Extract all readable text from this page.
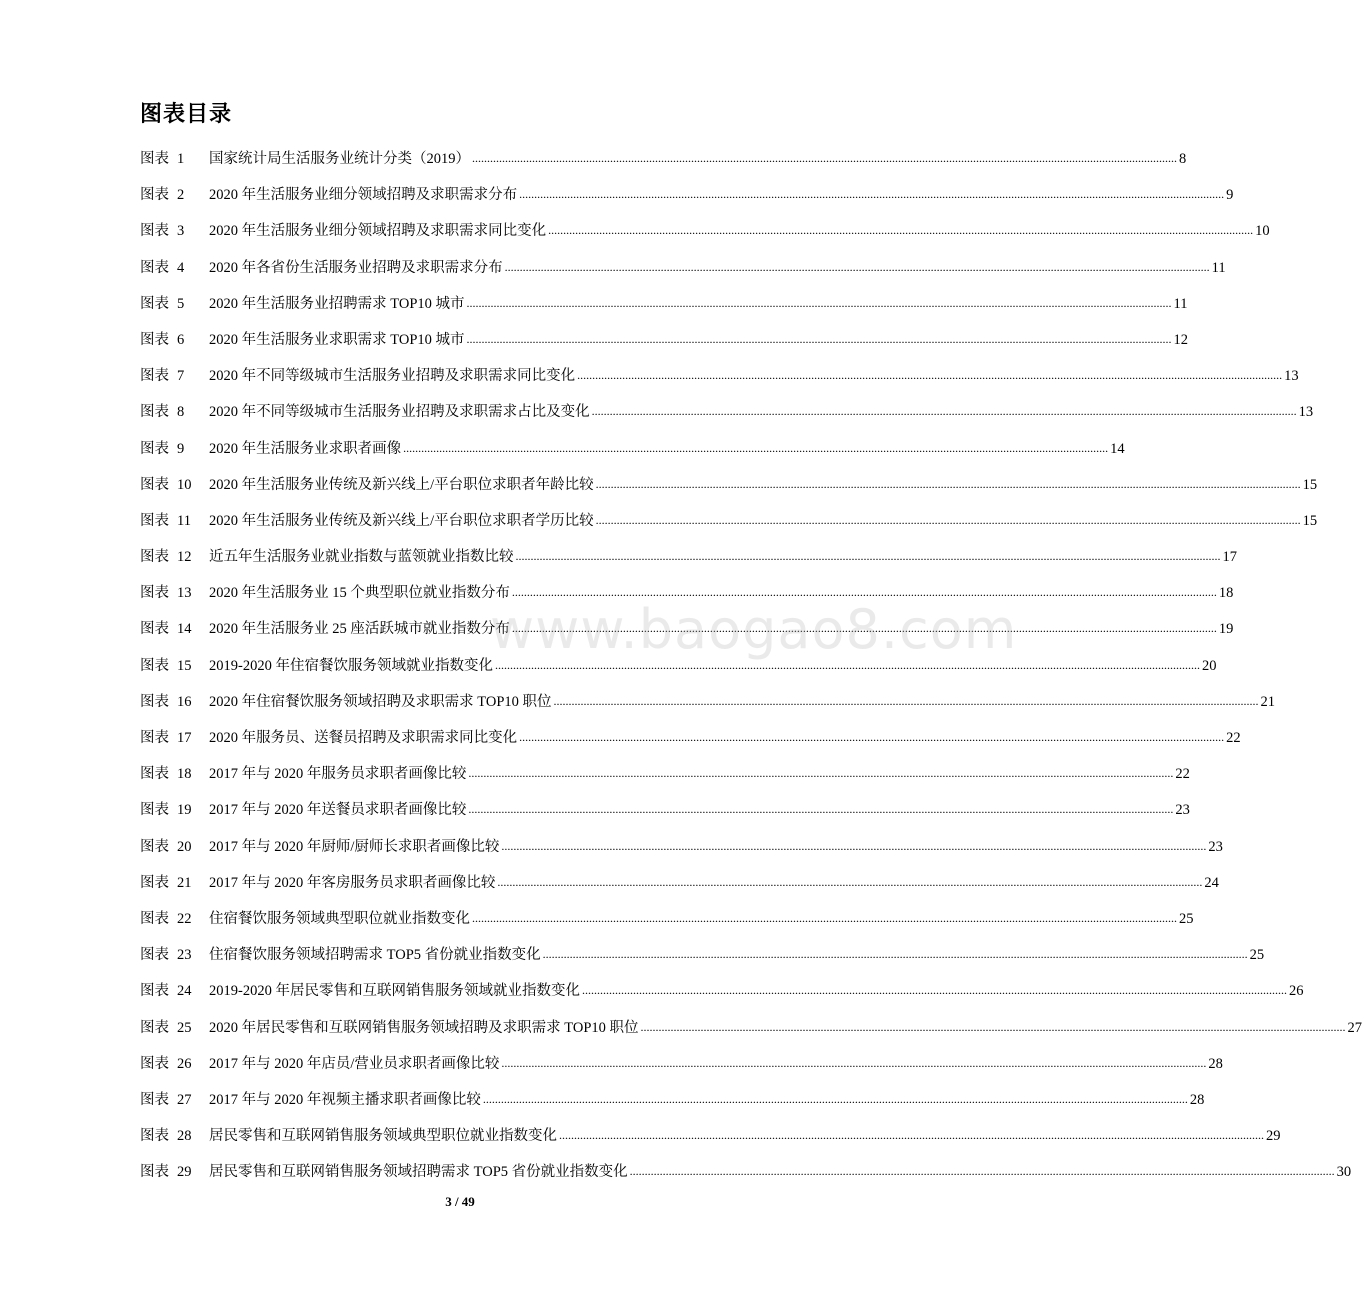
图表目录
图表 1	国家统计局生活服务业统计分类（2019） .....	8
图表 2	2020 年生活服务业细分领域招聘及求职需求分布 .....	9
图表 3	2020 年生活服务业细分领域招聘及求职需求同比变化 .....	10
图表 4	2020 年各省份生活服务业招聘及求职需求分布 .....	11
图表 5	2020 年生活服务业招聘需求 TOP10 城市 .....	11
图表 6	2020 年生活服务业求职需求 TOP10 城市 .....	12
图表 7	2020 年不同等级城市生活服务业招聘及求职需求同比变化 .....	13
图表 8	2020 年不同等级城市生活服务业招聘及求职需求占比及变化 .....	13
图表 9	2020 年生活服务业求职者画像 .....	14
图表 10	2020 年生活服务业传统及新兴线上/平台职位求职者年龄比较 .....	15
图表 11	2020 年生活服务业传统及新兴线上/平台职位求职者学历比较 .....	15
图表 12	近五年生活服务业就业指数与蓝领就业指数比较 .....	17
图表 13	2020 年生活服务业 15 个典型职位就业指数分布 .....	18
图表 14	2020 年生活服务业 25 座活跃城市就业指数分布 .....	19
图表 15	2019-2020 年住宿餐饮服务领域就业指数变化 .....	20
图表 16	2020 年住宿餐饮服务领域招聘及求职需求 TOP10 职位 .....	21
图表 17	2020 年服务员、送餐员招聘及求职需求同比变化 .....	22
图表 18	2017 年与 2020 年服务员求职者画像比较 .....	22
图表 19	2017 年与 2020 年送餐员求职者画像比较 .....	23
图表 20	2017 年与 2020 年厨师/厨师长求职者画像比较 .....	23
图表 21	2017 年与 2020 年客房服务员求职者画像比较 .....	24
图表 22	住宿餐饮服务领域典型职位就业指数变化 .....	25
图表 23	住宿餐饮服务领域招聘需求 TOP5 省份就业指数变化 .....	25
图表 24	2019-2020 年居民零售和互联网销售服务领域就业指数变化 .....	26
图表 25	2020 年居民零售和互联网销售服务领域招聘及求职需求 TOP10 职位 .....	27
图表 26	2017 年与 2020 年店员/营业员求职者画像比较 .....	28
图表 27	2017 年与 2020 年视频主播求职者画像比较 .....	28
图表 28	居民零售和互联网销售服务领域典型职位就业指数变化 .....	29
图表 29	居民零售和互联网销售服务领域招聘需求 TOP5 省份就业指数变化 .....	30
www.baogao8.com
3 / 49
